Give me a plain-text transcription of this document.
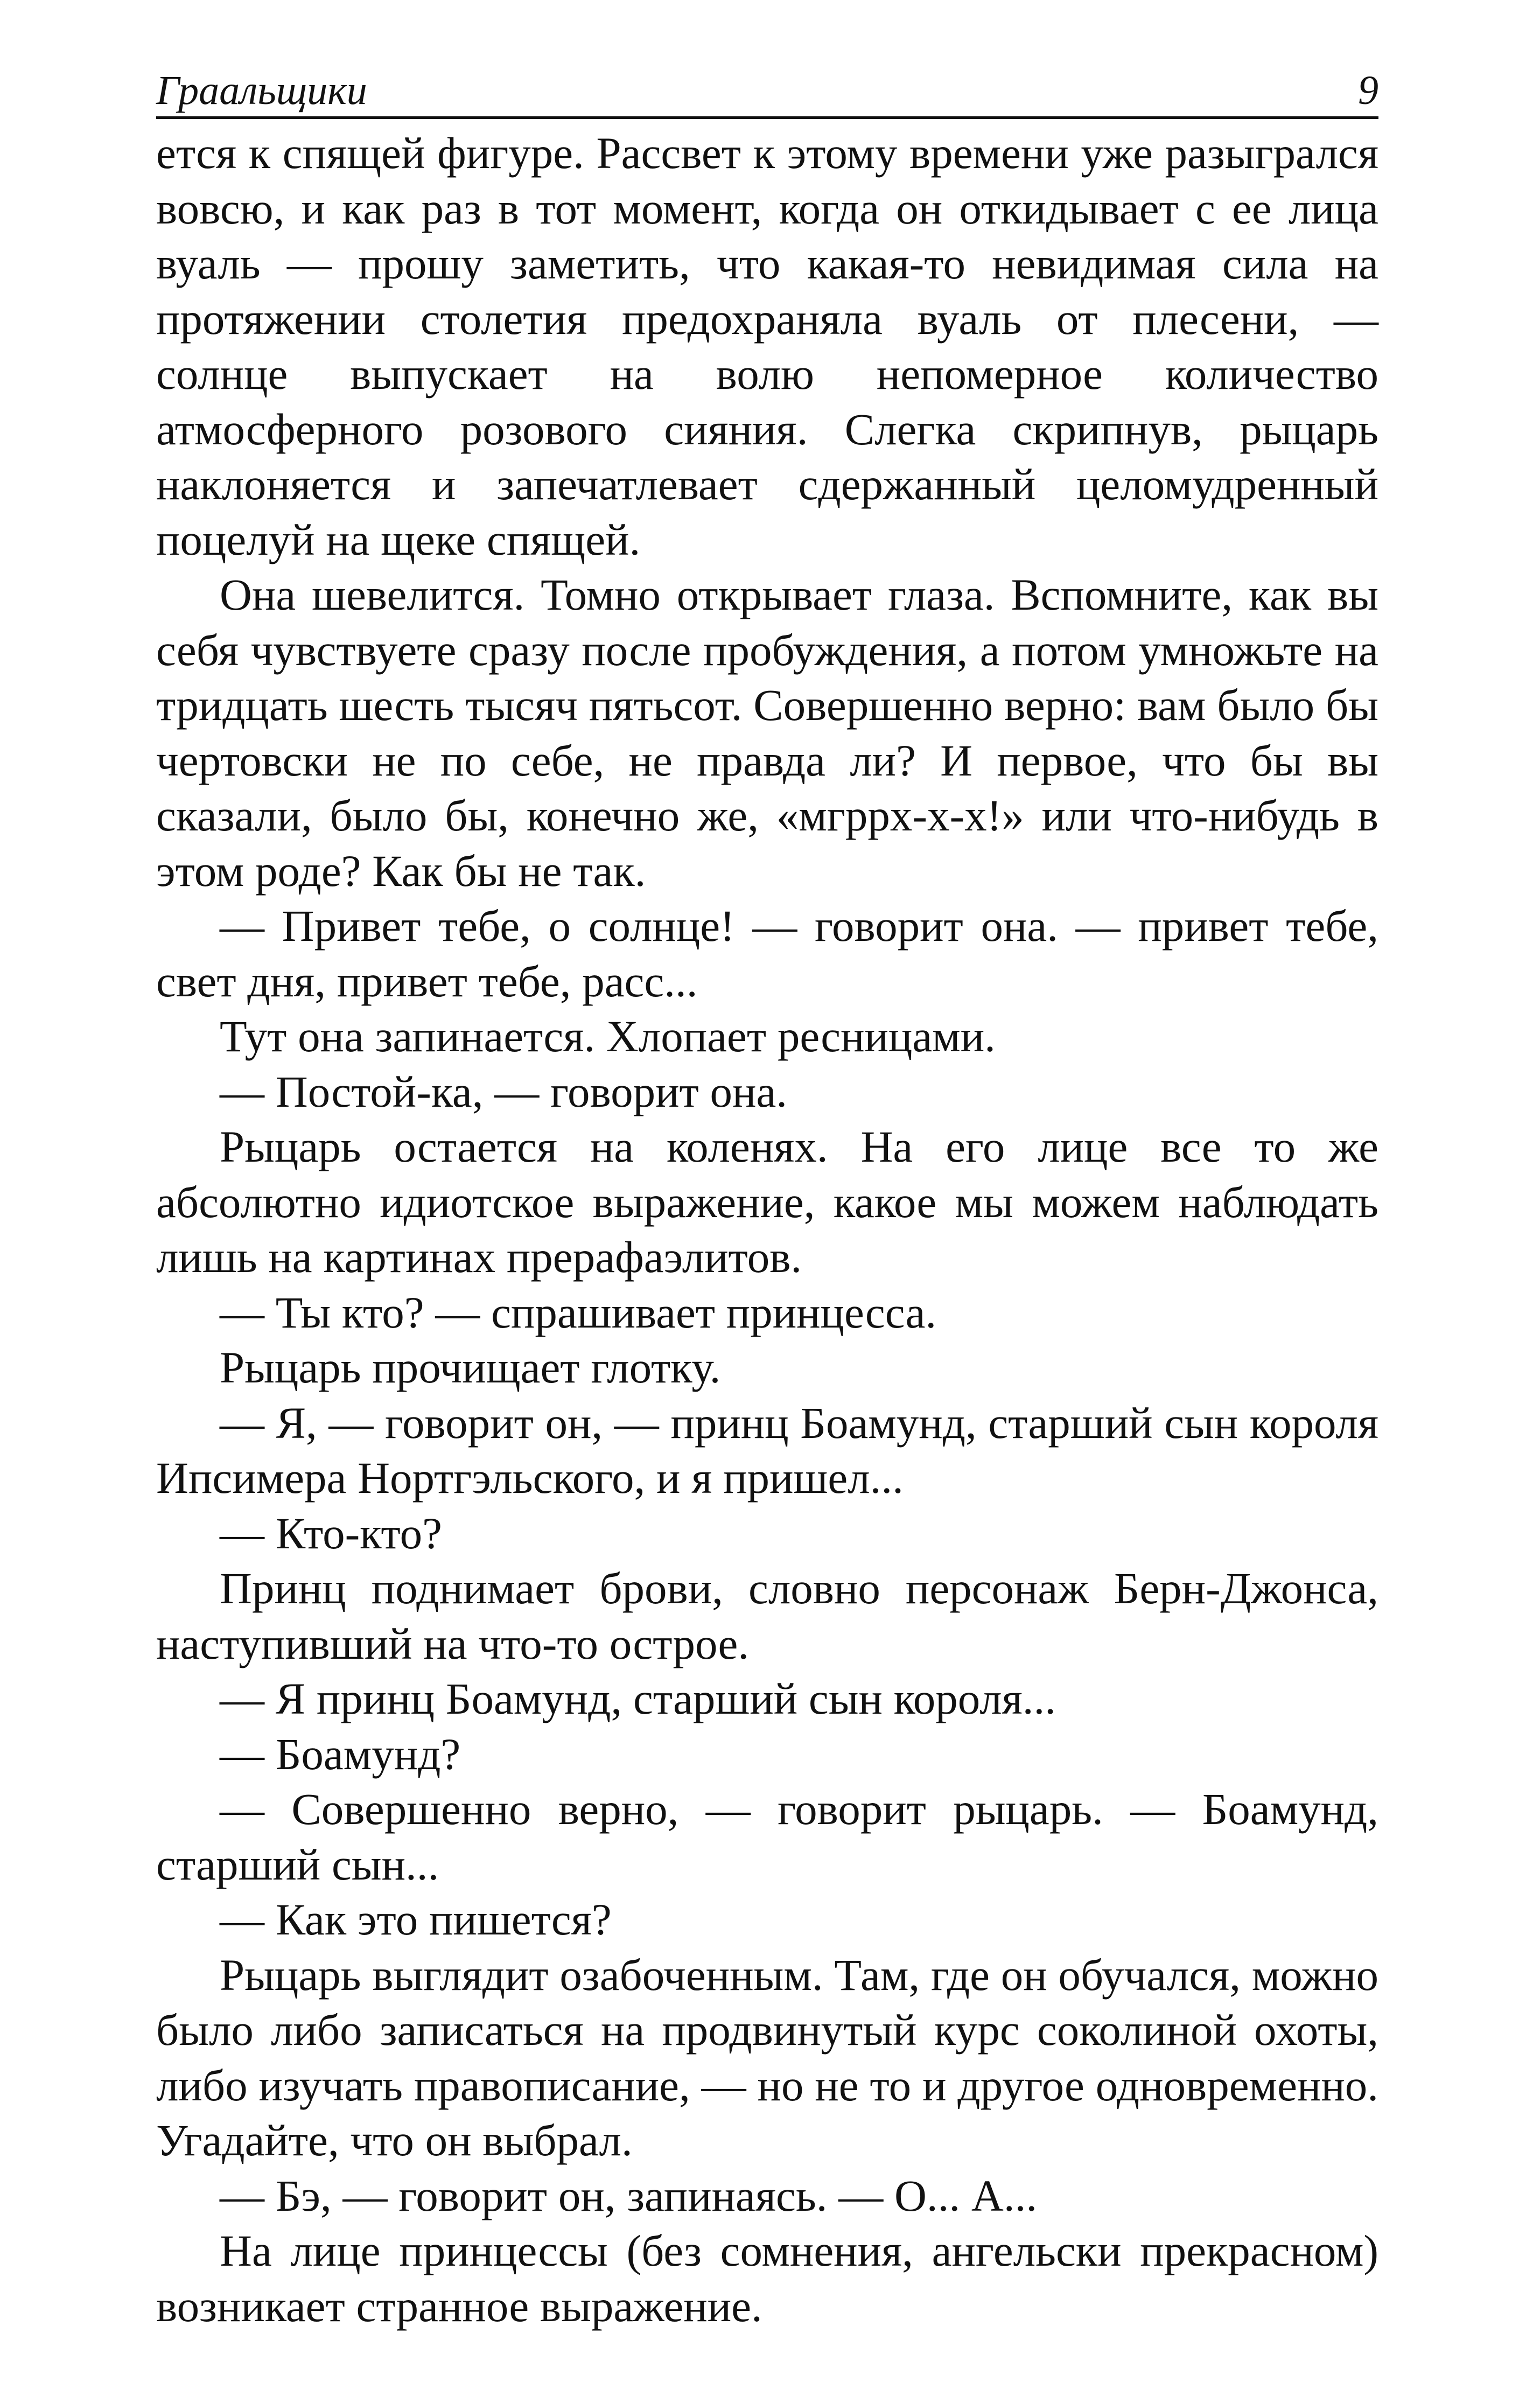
Граальщики	9

ется к спящей фигуре. Рассвет к этому времени уже разыгрался вовсю, и как раз в тот момент, когда он откидывает с ее лица вуаль — прошу заметить, что какая-то невидимая сила на протяжении столетия предохраняла вуаль от плесени, — солнце выпускает на волю непомерное количество атмосферного розового сияния. Слегка скрипнув, рыцарь наклоняется и запечатлевает сдержанный целомудренный поцелуй на щеке спящей.

Она шевелится. Томно открывает глаза. Вспомните, как вы себя чувствуете сразу после пробуждения, а потом умножьте на тридцать шесть тысяч пятьсот. Совершенно верно: вам было бы чертовски не по себе, не правда ли? И первое, что бы вы сказали, было бы, конечно же, «мгррх-х-х!» или что-нибудь в этом роде? Как бы не так.

— Привет тебе, о солнце! — говорит она. — привет тебе, свет дня, привет тебе, расс...

Тут она запинается. Хлопает ресницами.

— Постой-ка, — говорит она.

Рыцарь остается на коленях. На его лице все то же абсолютно идиотское выражение, какое мы можем наблюдать лишь на картинах прерафаэлитов.

— Ты кто? — спрашивает принцесса.

Рыцарь прочищает глотку.

— Я, — говорит он, — принц Боамунд, старший сын короля Ипсимера Нортгэльского, и я пришел...

— Кто-кто?

Принц поднимает брови, словно персонаж Берн-Джонса, наступивший на что-то острое.

— Я принц Боамунд, старший сын короля...

— Боамунд?

— Совершенно верно, — говорит рыцарь. — Боамунд, старший сын...

— Как это пишется?

Рыцарь выглядит озабоченным. Там, где он обучался, можно было либо записаться на продвинутый курс соколиной охоты, либо изучать правописание, — но не то и другое одновременно. Угадайте, что он выбрал.

— Бэ, — говорит он, запинаясь. — О... А...

На лице принцессы (без сомнения, ангельски прекрасном) возникает странное выражение.
